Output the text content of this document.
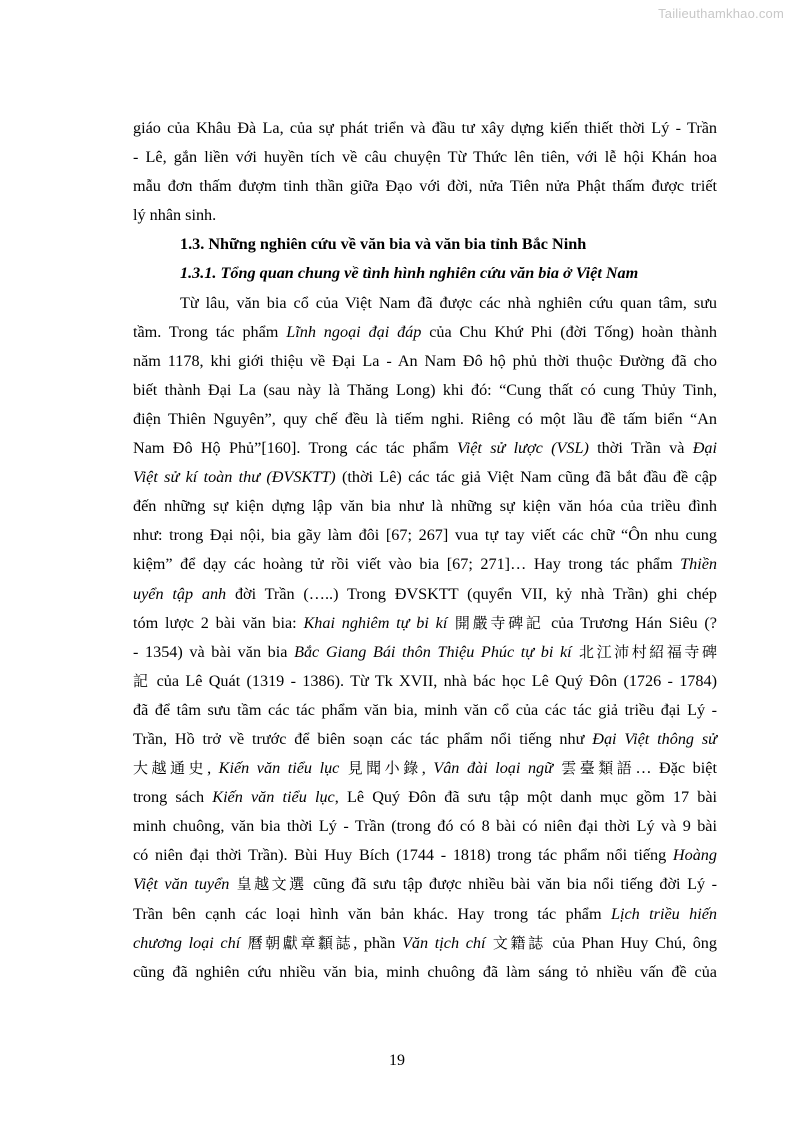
Tailieuthamkhao.com
giáo của Khâu Đà La, của sự phát triển và đầu tư xây dựng kiến thiết thời Lý - Trần
- Lê, gắn liền với huyền tích về câu chuyện Từ Thức lên tiên, với lễ hội Khán hoa
mẫu đơn thấm đượm tinh thần giữa Đạo với đời, nửa Tiên nửa Phật thấm được triết
lý nhân sinh.
1.3. Những nghiên cứu về văn bia và văn bia tỉnh Bắc Ninh
1.3.1. Tổng quan chung về tình hình nghiên cứu văn bia ở Việt Nam
Từ lâu, văn bia cổ của Việt Nam đã được các nhà nghiên cứu quan tâm, sưu
tầm. Trong tác phẩm Lĩnh ngoại đại đáp của Chu Khứ Phi (đời Tống) hoàn thành
năm 1178, khi giới thiệu về Đại La - An Nam Đô hộ phủ thời thuộc Đường đã cho
biết thành Đại La (sau này là Thăng Long) khi đó: “Cung thất có cung Thủy Tinh,
điện Thiên Nguyên”, quy chế đều là tiếm nghi. Riêng có một lầu đề tấm biển “An
Nam Đô Hộ Phủ”[160]. Trong các tác phẩm Việt sử lược (VSL) thời Trần và Đại
Việt sử kí toàn thư (ĐVSKTT) (thời Lê) các tác giả Việt Nam cũng đã bắt đầu đề cập
đến những sự kiện dựng lập văn bia như là những sự kiện văn hóa của triều đình
như: trong Đại nội, bia gãy làm đôi [67; 267] vua tự tay viết các chữ “Ôn nhu cung
kiệm” để dạy các hoàng tử rồi viết vào bia [67; 271]… Hay trong tác phẩm Thiền
uyển tập anh đời Trần (…..) Trong ĐVSKTT (quyển VII, kỷ nhà Trần) ghi chép
tóm lược 2 bài văn bia: Khai nghiêm tự bi kí 開嚴寺碑記 của Trương Hán Siêu (?
- 1354) và bài văn bia Bắc Giang Bái thôn Thiệu Phúc tự bi kí 北江沛村紹福寺碑
記 của Lê Quát (1319 - 1386). Từ Tk XVII, nhà bác học Lê Quý Đôn (1726 - 1784)
đã để tâm sưu tầm các tác phẩm văn bia, minh văn cổ của các tác giả triều đại Lý -
Trần, Hồ trở về trước để biên soạn các tác phẩm nổi tiếng như Đại Việt thông sử
大越通史, Kiến văn tiểu lục 見聞小錄, Vân đài loại ngữ 雲臺類語… Đặc biệt
trong sách Kiến văn tiểu lục, Lê Quý Đôn đã sưu tập một danh mục gồm 17 bài
minh chuông, văn bia thời Lý - Trần (trong đó có 8 bài có niên đại thời Lý và 9 bài
có niên đại thời Trần). Bùi Huy Bích (1744 - 1818) trong tác phẩm nổi tiếng Hoàng
Việt văn tuyển 皇越文選 cũng đã sưu tập được nhiều bài văn bia nổi tiếng đời Lý -
Trần bên cạnh các loại hình văn bản khác. Hay trong tác phẩm Lịch triều hiến
chương loại chí 曆朝獻章纇誌, phần Văn tịch chí 文籍誌 của Phan Huy Chú, ông
cũng đã nghiên cứu nhiều văn bia, minh chuông đã làm sáng tỏ nhiều vấn đề của
19
